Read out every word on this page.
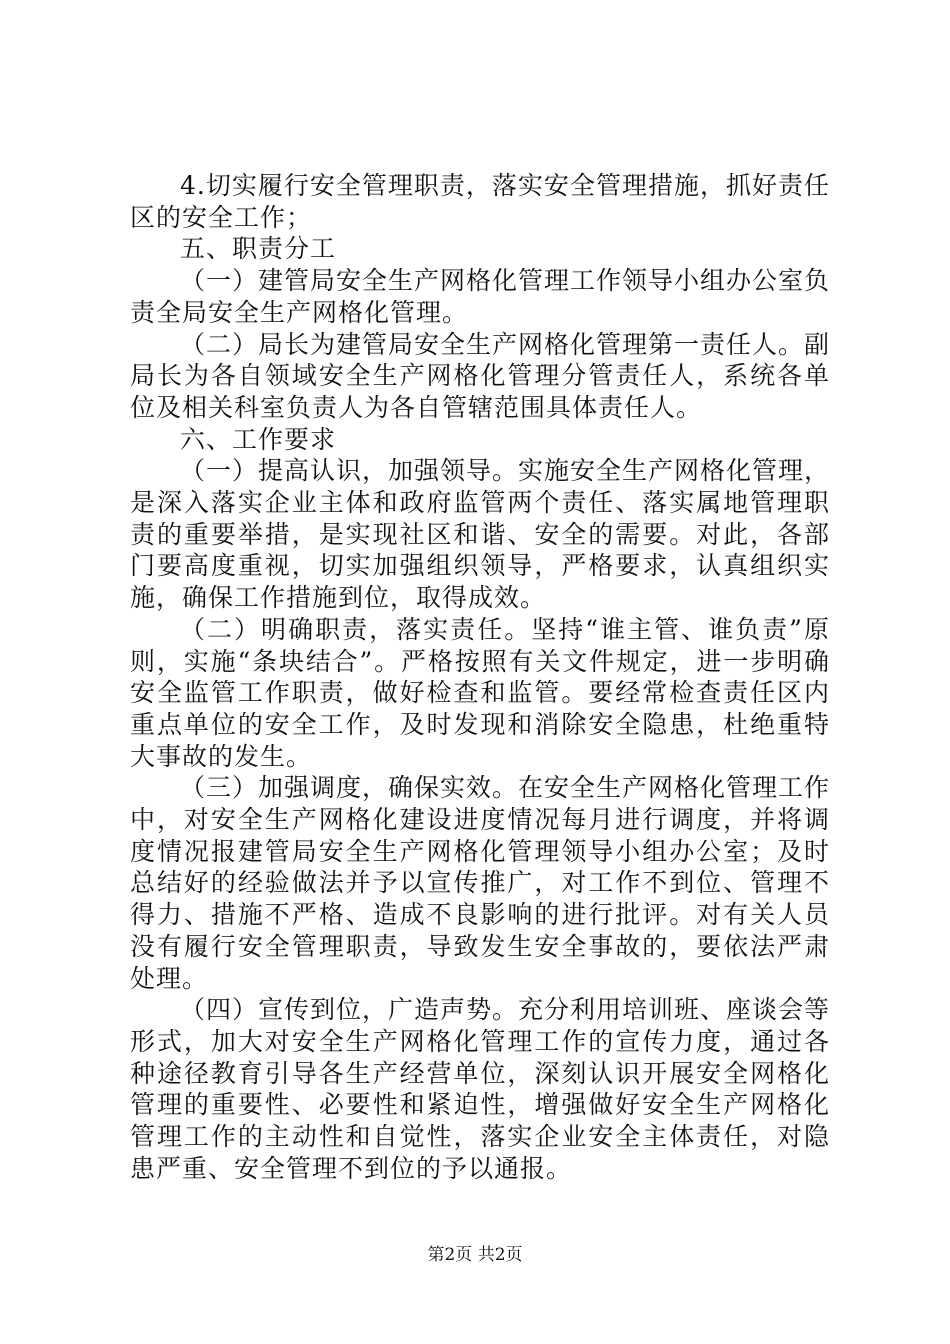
4.切实履行安全管理职责，落实安全管理措施，抓好责任区的安全工作；

五、职责分工

（一）建管局安全生产网格化管理工作领导小组办公室负责全局安全生产网格化管理。

（二）局长为建管局安全生产网格化管理第一责任人。副局长为各自领域安全生产网格化管理分管责任人，系统各单位及相关科室负责人为各自管辖范围具体责任人。

六、工作要求

（一）提高认识，加强领导。实施安全生产网格化管理，是深入落实企业主体和政府监管两个责任、落实属地管理职责的重要举措，是实现社区和谐、安全的需要。对此，各部门要高度重视，切实加强组织领导，严格要求，认真组织实施，确保工作措施到位，取得成效。

（二）明确职责，落实责任。坚持“谁主管、谁负责”原则，实施“条块结合”。严格按照有关文件规定，进一步明确安全监管工作职责，做好检查和监管。要经常检查责任区内重点单位的安全工作，及时发现和消除安全隐患，杜绝重特大事故的发生。

（三）加强调度，确保实效。在安全生产网格化管理工作中，对安全生产网格化建设进度情况每月进行调度，并将调度情况报建管局安全生产网格化管理领导小组办公室；及时总结好的经验做法并予以宣传推广，对工作不到位、管理不得力、措施不严格、造成不良影响的进行批评。对有关人员没有履行安全管理职责，导致发生安全事故的，要依法严肃处理。

（四）宣传到位，广造声势。充分利用培训班、座谈会等形式，加大对安全生产网格化管理工作的宣传力度，通过各种途径教育引导各生产经营单位，深刻认识开展安全网格化管理的重要性、必要性和紧迫性，增强做好安全生产网格化管理工作的主动性和自觉性，落实企业安全主体责任，对隐患严重、安全管理不到位的予以通报。

第2页 共2页
